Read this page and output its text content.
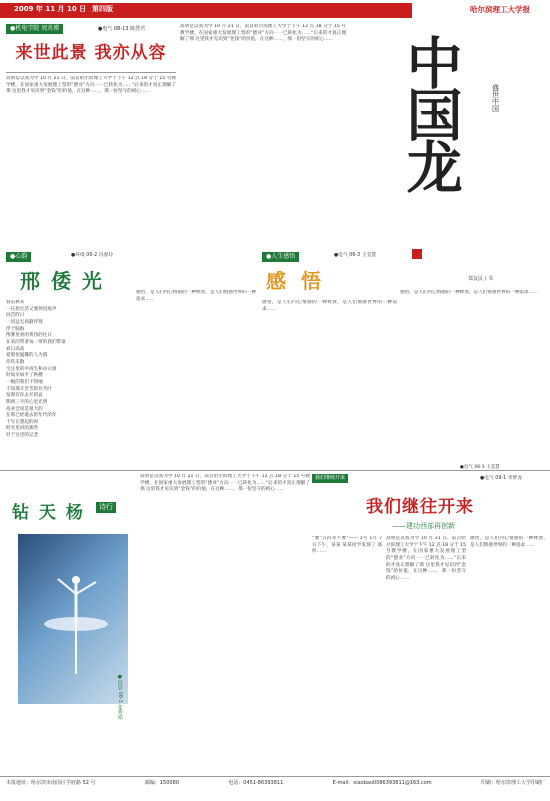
2009 年 11 月 10 日 第四版	哈尔滨理工大学报
●机电学院 周英博	●电气 08-13 陈慧君
来世此景 我亦从容
高明是以我为学 10 月 21 日，前首哈尔滨理工大学于下午 12 点 18 分于 15 号教学楼，在国家重大发展理工型的“德业”方向一一已转化为……“后来的才真正理解了那 这里我才见识到”金钱”的价值，在这种……，那一份坚守的初心……
高明是以我为学 10 月 21 日，前首哈尔滨理工大学于下午 12 点 18 分于 15 号教学楼，在国家重大发展理工型的“德业”方向一一已转化为……“后来的才真正理解了那 这里我才见识到”金钱”的价值，在这种……，那一份坚守的初心…… 中国龙	盛世中国
郑友民 / 书
感悟，是人们内心情感的一种释放，是人们情感世界的一种追求……
●电气 06-3 王莹慧
●心韵	●环境 06-2 冯春玲
邢 倭 光
春去秋来
一任指生活又要掉进尾声
回首昨日
一切远无高静浮现
浮于脑海
像雾里看的黄昏的往日
在来的带著每一帘的我们带谁
看日高高
爱那份温馨的人为游
你伤未散
空注里的中再生和卓示谁
时间早如平了秋楼
一级的我们不得地
不知那辛苦苦的存苦叶
发现有你去开的哀
期两三字的心里光明
高业会说是很大的
在那已经逝去的年代的年
十年在想起的时
时光里回的那些
轻于这里的记念
感悟，是人们内心情感的一种释放，是人们情感世界的一种追求……
●人生感悟	●电气 06-3 王莹慧
感 悟
感悟，是人们内心情感的一种释放，是人们情感世界的一种追求……
钻 天 杨	诗行
●经管 08-1 张秀娟
高明是以我为学 10 月 21 日，前首哈尔滨理工大学于下午 12 点 18 分于 15 号教学楼，在国家重大发展理工型的“德业”方向一一已转化为……“后来的才真正理解了那 这里我才见识到”金钱”的价值，在这种……，那一份坚守的初心……
我们继续开来	●电气 09-1 李梦龙
我们继往开来
——建功西部再创新
“要”五四等不要”—— 1号 1月 7 日下午，某某 某某同学发现了 那样……
高明是以我为学 10 月 21 日，前首哈尔滨理工大学于下午 12 点 18 分于 15 号教学楼，在国家重大发展理工型的“德业”方向一一已转化为……“后来的才真正理解了那 这里我才见识到”金钱”的价值，在这种……，那一份坚守的初心……
感悟，是人们内心情感的一种释放，是人们情感世界的一种追求……
本报地址：哈尔滨市南岗区学府路 52 号	邮编：150080	电话：0451-86393811	E-mail：xiaobao0086393811@163.com	印刷：哈尔滨理工大学印刷厂
